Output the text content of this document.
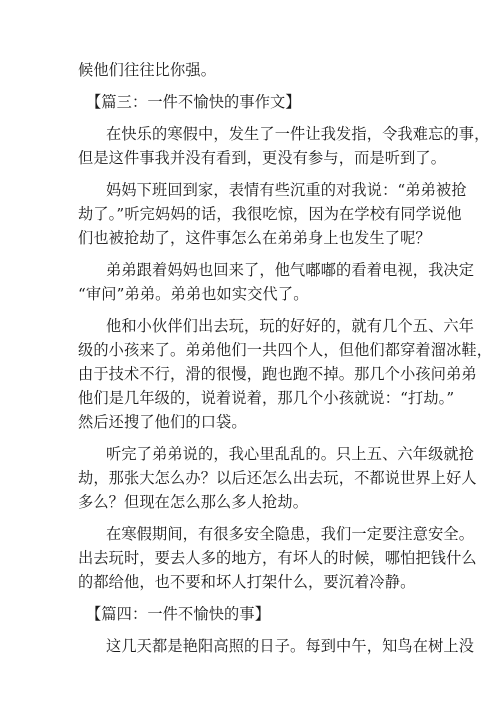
候他们往往比你强。
【篇三：一件不愉快的事作文】
在快乐的寒假中，发生了一件让我发指，令我难忘的事，
但是这件事我并没有看到，更没有参与，而是听到了。
妈妈下班回到家，表情有些沉重的对我说：“弟弟被抢
劫了。”听完妈妈的话，我很吃惊，因为在学校有同学说他
们也被抢劫了，这件事怎么在弟弟身上也发生了呢？
弟弟跟着妈妈也回来了，他气嘟嘟的看着电视，我决定
“审问”弟弟。弟弟也如实交代了。
他和小伙伴们出去玩，玩的好好的，就有几个五、六年
级的小孩来了。弟弟他们一共四个人，但他们都穿着溜冰鞋，
由于技术不行，滑的很慢，跑也跑不掉。那几个小孩问弟弟
他们是几年级的，说着说着，那几个小孩就说：“打劫。”
然后还搜了他们的口袋。
听完了弟弟说的，我心里乱乱的。只上五、六年级就抢
劫，那张大怎么办？以后还怎么出去玩，不都说世界上好人
多么？但现在怎么那么多人抢劫。
在寒假期间，有很多安全隐患，我们一定要注意安全。
出去玩时，要去人多的地方，有坏人的时候，哪怕把钱什么
的都给他，也不要和坏人打架什么，要沉着冷静。
【篇四：一件不愉快的事】
这几天都是艳阳高照的日子。每到中午，知鸟在树上没
